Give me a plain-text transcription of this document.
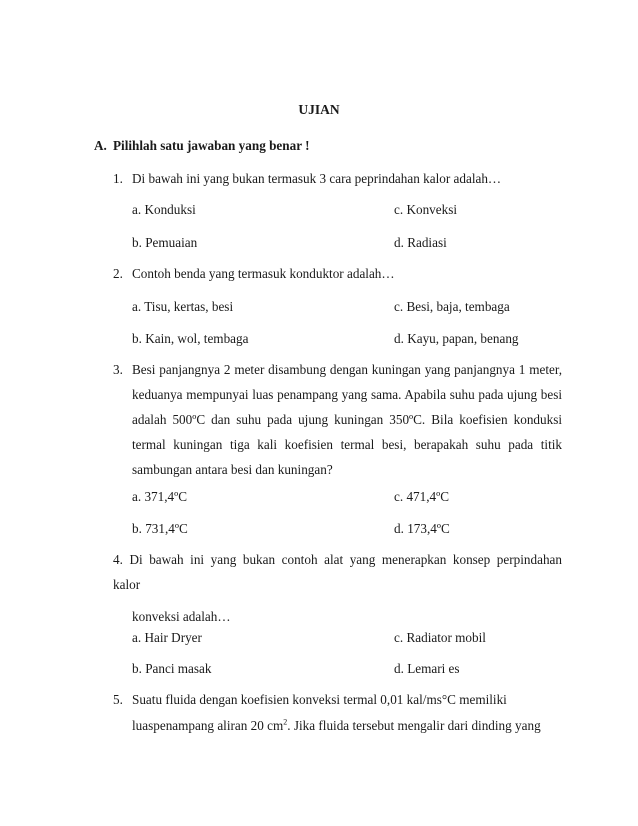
UJIAN
A. Pilihlah satu jawaban yang benar !
1. Di bawah ini yang bukan termasuk 3 cara peprindahan kalor adalah…
a. Konduksi	c. Konveksi
b. Pemuaian	d. Radiasi
2. Contoh benda yang termasuk konduktor adalah…
a. Tisu, kertas, besi	c. Besi, baja, tembaga
b. Kain, wol, tembaga	d. Kayu, papan, benang
3. Besi panjangnya 2 meter disambung dengan kuningan yang panjangnya 1 meter,
keduanya mempunyai luas penampang yang sama. Apabila suhu pada ujung besi
adalah 500ºC dan suhu pada ujung kuningan 350ºC. Bila koefisien konduksi
termal kuningan tiga kali koefisien termal besi, berapakah suhu pada titik
sambungan antara besi dan kuningan?
a. 371,4ºC	c. 471,4ºC
b. 731,4ºC	d. 173,4ºC
4. Di bawah ini yang bukan contoh alat yang menerapkan konsep perpindahan
kalor
konveksi adalah…
a. Hair Dryer	c. Radiator mobil
b. Panci masak	d. Lemari es
5. Suatu fluida dengan koefisien konveksi termal 0,01 kal/ms°C memiliki
luaspenampang aliran 20 $cm^2$. Jika fluida tersebut mengalir dari dinding yang
